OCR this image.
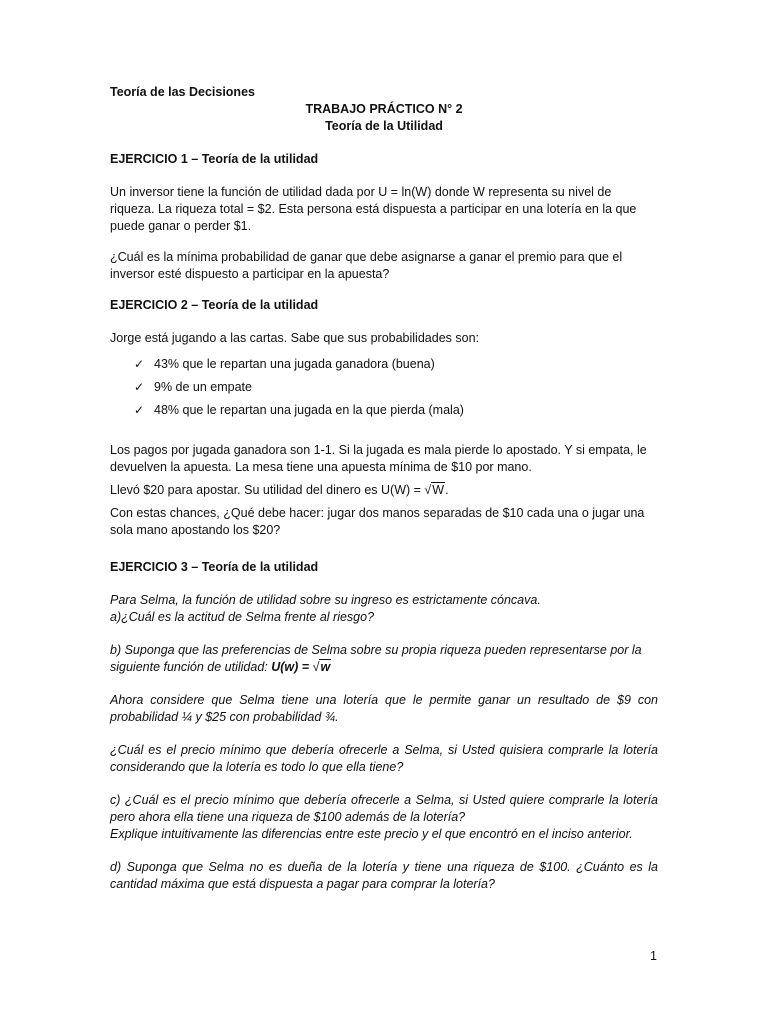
Teoría de las Decisiones

TRABAJO PRÁCTICO N° 2

Teoría de la Utilidad

EJERCICIO 1 – Teoría de la utilidad

Un inversor tiene la función de utilidad dada por U = ln(W) donde W representa su nivel de

riqueza. La riqueza total = $2. Esta persona está dispuesta a participar en una lotería en la que

puede ganar o perder $1.

¿Cuál es la mínima probabilidad de ganar que debe asignarse a ganar el premio para que el

inversor esté dispuesto a participar en la apuesta?

EJERCICIO 2 – Teoría de la utilidad

Jorge está jugando a las cartas. Sabe que sus probabilidades son:

✓ 43% que le repartan una jugada ganadora (buena)
✓ 9% de un empate
✓ 48% que le repartan una jugada en la que pierda (mala)

Los pagos por jugada ganadora son 1-1. Si la jugada es mala pierde lo apostado. Y si empata, le

devuelven la apuesta. La mesa tiene una apuesta mínima de $10 por mano.

Llevó $20 para apostar. Su utilidad del dinero es U(W) = √W.

Con estas chances, ¿Qué debe hacer: jugar dos manos separadas de $10 cada una o jugar una

sola mano apostando los $20?

EJERCICIO 3 – Teoría de la utilidad

Para Selma, la función de utilidad sobre su ingreso es estrictamente cóncava.

a)¿Cuál es la actitud de Selma frente al riesgo?

b) Suponga que las preferencias de Selma sobre su propia riqueza pueden representarse por la

siguiente función de utilidad: U(w) = √w

Ahora considere que Selma tiene una lotería que le permite ganar un resultado de $9 con probabilidad ¼ y $25 con probabilidad ¾.

¿Cuál es el precio mínimo que debería ofrecerle a Selma, si Usted quisiera comprarle la lotería considerando que la lotería es todo lo que ella tiene?

c) ¿Cuál es el precio mínimo que debería ofrecerle a Selma, si Usted quiere comprarle la lotería pero ahora ella tiene una riqueza de $100 además de la lotería?

Explique intuitivamente las diferencias entre este precio y el que encontró en el inciso anterior.

d) Suponga que Selma no es dueña de la lotería y tiene una riqueza de $100. ¿Cuánto es la cantidad máxima que está dispuesta a pagar para comprar la lotería?

1
